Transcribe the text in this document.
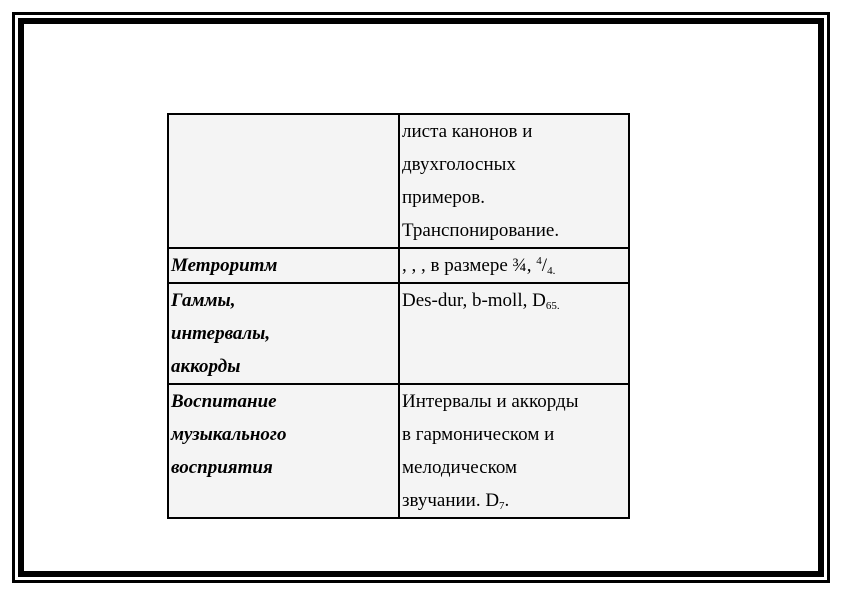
	листа канонов и
двухголосных
примеров.
Транспонирование.

Метроритм	, , , в размере ¾, $^4/_{4.}$

Гаммы,
интервалы,
аккорды	Des-dur, b-moll, $D_{65.}$

Воспитание
музыкального
восприятия	Интервалы и аккорды
в гармоническом и
мелодическом
звучании. $D_7$.
